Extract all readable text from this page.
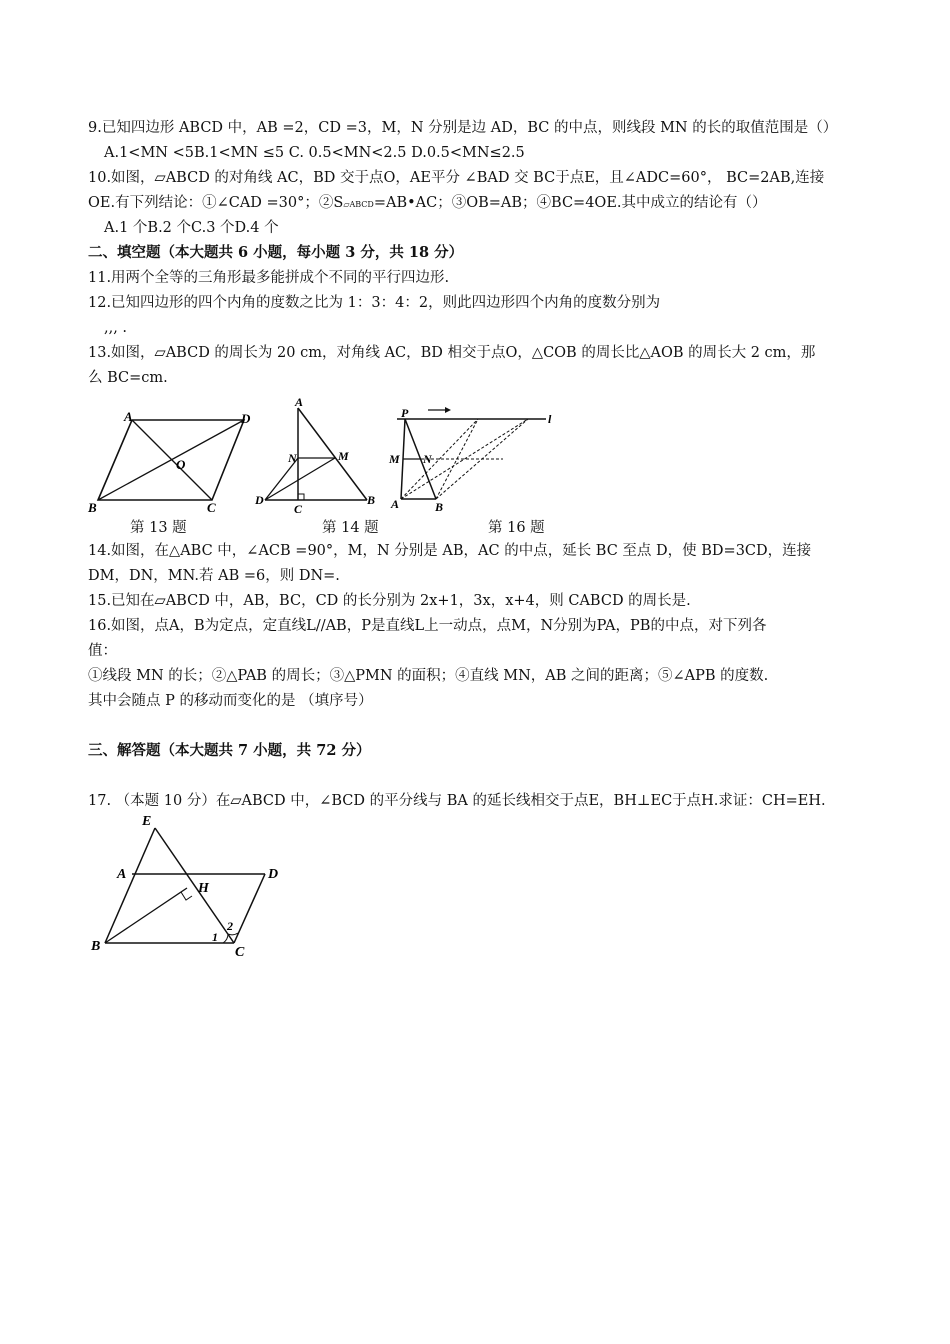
9.已知四边形 ABCD 中，AB =2，CD =3，M，N 分别是边 AD，BC 的中点，则线段 MN 的长的取值范围是（）
A.1<MN <5B.1<MN ≤5 C. 0.5<MN<2.5 D.0.5<MN≤2.5
10.如图，▱ABCD 的对角线 AC，BD 交于点O，AE平分 ∠BAD 交 BC于点E，且∠ADC=60°， BC=2AB,连接
OE.有下列结论：①∠CAD =30°；②S▱ABCD=AB•AC；③OB=AB；④BC=4OE.其中成立的结论有（）
A.1 个B.2 个C.3 个D.4 个
二、填空题（本大题共 6 小题，每小题 3 分，共 18 分）
11.用两个全等的三角形最多能拼成个不同的平行四边形.
12.已知四边形的四个内角的度数之比为 1：3：4：2，则此四边形四个内角的度数分别为
,,, .
13.如图，▱ABCD 的周长为 20 cm，对角线 AC，BD 相交于点O，△COB 的周长比△AOB 的周长大 2 cm，那
么 BC=cm.
A	D
B	C
O
第 13 题
A
N	M
D
C
B
第 14 题
P	l
M N
A	B
第 16 题
14.如图，在△ABC 中，∠ACB =90°，M，N 分别是 AB，AC 的中点，延长 BC 至点 D，使 BD=3CD，连接
DM，DN，MN.若 AB =6，则 DN=.
15.已知在▱ABCD 中，AB，BC，CD 的长分别为 2x+1，3x，x+4，则 CABCD 的周长是.
16.如图，点A，B为定点，定直线L//AB，P是直线L上一动点，点M，N分别为PA，PB的中点，对下列各
值：
①线段 MN 的长；②△PAB 的周长；③△PMN 的面积；④直线 MN，AB 之间的距离；⑤∠APB 的度数.
其中会随点 P 的移动而变化的是 （填序号）
三、解答题（本大题共 7 小题，共 72 分）
17. （本题 10 分）在▱ABCD 中，∠BCD 的平分线与 BA 的延长线相交于点E，BH⊥EC于点H.求证：CH=EH.
E
A	D
H
B	C
1
2
